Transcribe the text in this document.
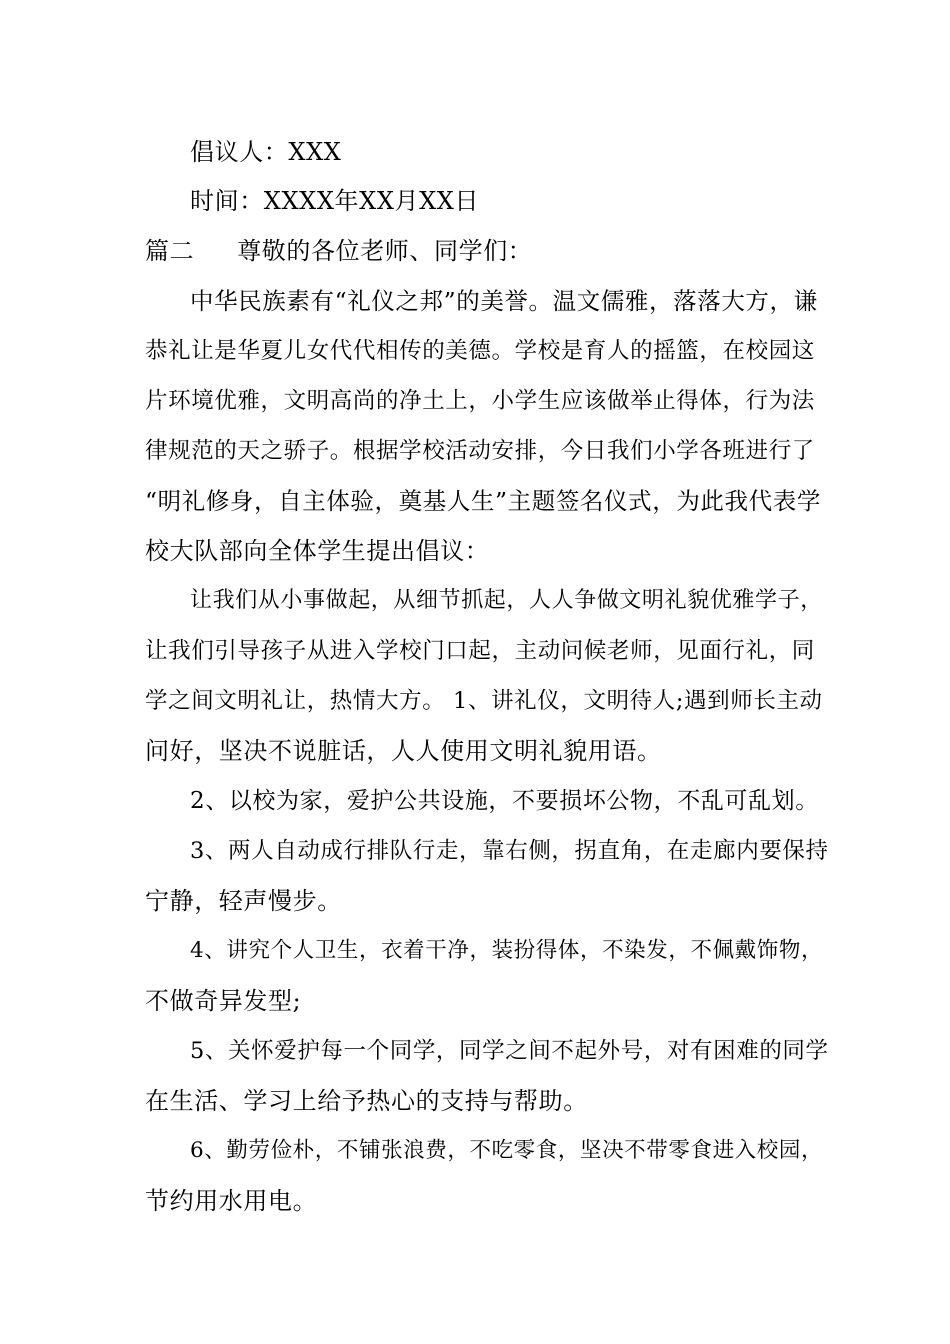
倡议人：XXX
时间：XXXX年XX月XX日
篇二 尊敬的各位老师、同学们：
中华民族素有“礼仪之邦”的美誉。温文儒雅，落落大方，谦
恭礼让是华夏儿女代代相传的美德。学校是育人的摇篮，在校园这
片环境优雅，文明高尚的净土上，小学生应该做举止得体，行为法
律规范的天之骄子。根据学校活动安排，今日我们小学各班进行了
“明礼修身，自主体验，奠基人生”主题签名仪式，为此我代表学
校大队部向全体学生提出倡议：
让我们从小事做起，从细节抓起，人人争做文明礼貌优雅学子，
让我们引导孩子从进入学校门口起，主动问候老师，见面行礼，同
学之间文明礼让，热情大方。 1、讲礼仪，文明待人;遇到师长主动
问好，坚决不说脏话，人人使用文明礼貌用语。
2、以校为家，爱护公共设施，不要损坏公物，不乱可乱划。
3、两人自动成行排队行走，靠右侧，拐直角，在走廊内要保持
宁静，轻声慢步。
4、讲究个人卫生，衣着干净，装扮得体，不染发，不佩戴饰物，
不做奇异发型;
5、关怀爱护每一个同学，同学之间不起外号，对有困难的同学
在生活、学习上给予热心的支持与帮助。
6、勤劳俭朴，不铺张浪费，不吃零食，坚决不带零食进入校园，
节约用水用电。
